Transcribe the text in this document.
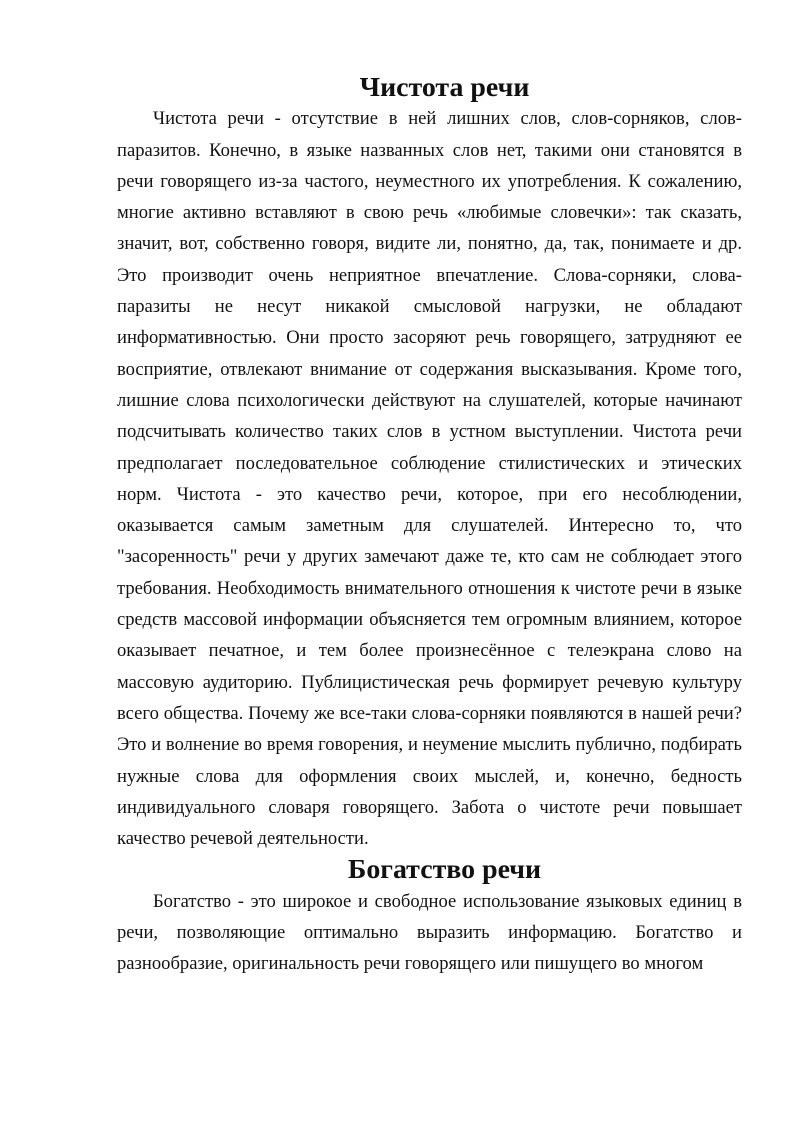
Чистота речи

Чистота речи - отсутствие в ней лишних слов, слов-сорняков, слов-паразитов. Конечно, в языке названных слов нет, такими они становятся в речи говорящего из-за частого, неуместного их употребления. К сожалению, многие активно вставляют в свою речь «любимые словечки»: так сказать, значит, вот, собственно говоря, видите ли, понятно, да, так, понимаете и др. Это производит очень неприятное впечатление. Слова-сорняки, слова-паразиты не несут никакой смысловой нагрузки, не обладают информативностью. Они просто засоряют речь говорящего, затрудняют ее восприятие, отвлекают внимание от содержания высказывания. Кроме того, лишние слова психологически действуют на слушателей, которые начинают подсчитывать количество таких слов в устном выступлении. Чистота речи предполагает последовательное соблюдение стилистических и этических норм. Чистота - это качество речи, которое, при его несоблюдении, оказывается самым заметным для слушателей. Интересно то, что "засоренность" речи у других замечают даже те, кто сам не соблюдает этого требования. Необходимость внимательного отношения к чистоте речи в языке средств массовой информации объясняется тем огромным влиянием, которое оказывает печатное, и тем более произнесённое с телеэкрана слово на массовую аудиторию. Публицистическая речь формирует речевую культуру всего общества. Почему же все-таки слова-сорняки появляются в нашей речи? Это и волнение во время говорения, и неумение мыслить публично, подбирать нужные слова для оформления своих мыслей, и, конечно, бедность индивидуального словаря говорящего. Забота о чистоте речи повышает качество речевой деятельности.

Богатство речи

Богатство - это широкое и свободное использование языковых единиц в речи, позволяющие оптимально выразить информацию. Богатство и разнообразие, оригинальность речи говорящего или пишущего во многом
